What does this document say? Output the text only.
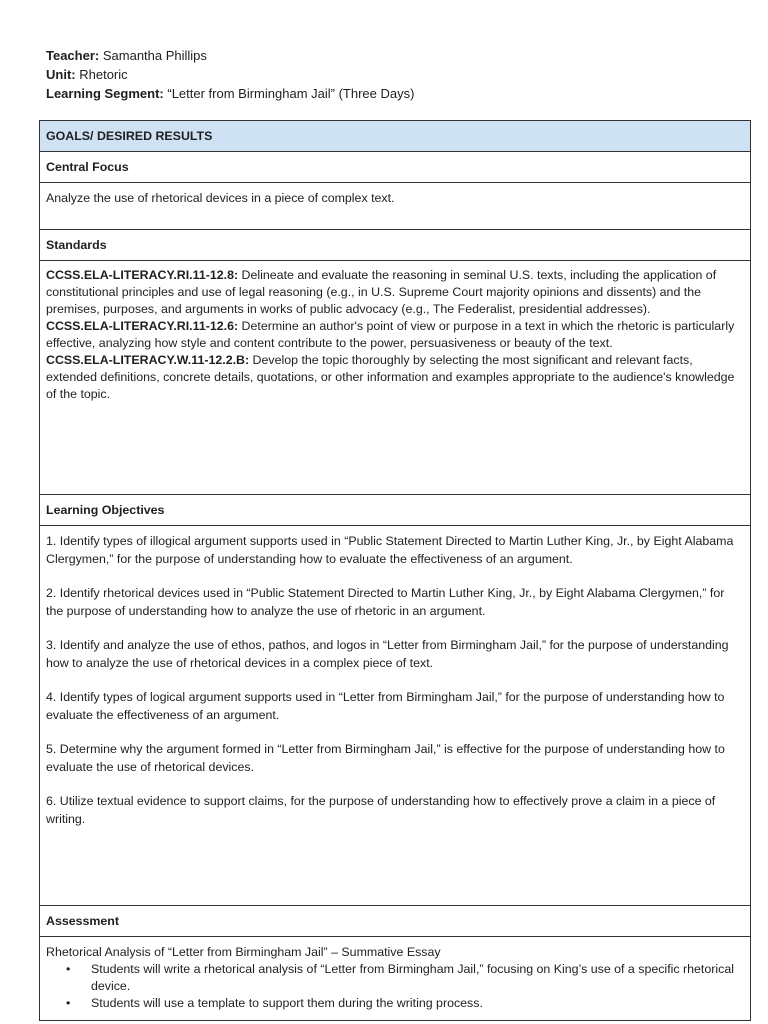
Teacher: Samantha Phillips
Unit: Rhetoric
Learning Segment: “Letter from Birmingham Jail” (Three Days)
GOALS/ DESIRED RESULTS
Central Focus
Analyze the use of rhetorical devices in a piece of complex text.
Standards

CCSS.ELA-LITERACY.RI.11-12.8: Delineate and evaluate the reasoning in seminal U.S. texts, including the application of constitutional principles and use of legal reasoning (e.g., in U.S. Supreme Court majority opinions and dissents) and the premises, purposes, and arguments in works of public advocacy (e.g., The Federalist, presidential addresses).

CCSS.ELA-LITERACY.RI.11-12.6: Determine an author's point of view or purpose in a text in which the rhetoric is particularly effective, analyzing how style and content contribute to the power, persuasiveness or beauty of the text.

CCSS.ELA-LITERACY.W.11-12.2.B: Develop the topic thoroughly by selecting the most significant and relevant facts, extended definitions, concrete details, quotations, or other information and examples appropriate to the audience's knowledge of the topic.

Learning Objectives

1. Identify types of illogical argument supports used in “Public Statement Directed to Martin Luther King, Jr., by Eight Alabama Clergymen,” for the purpose of understanding how to evaluate the effectiveness of an argument.

2. Identify rhetorical devices used in “Public Statement Directed to Martin Luther King, Jr., by Eight Alabama Clergymen,” for the purpose of understanding how to analyze the use of rhetoric in an argument.

3. Identify and analyze the use of ethos, pathos, and logos in “Letter from Birmingham Jail,” for the purpose of understanding how to analyze the use of rhetorical devices in a complex piece of text.

4. Identify types of logical argument supports used in “Letter from Birmingham Jail,” for the purpose of understanding how to evaluate the effectiveness of an argument.

5. Determine why the argument formed in “Letter from Birmingham Jail,” is effective for the purpose of understanding how to evaluate the use of rhetorical devices.

6. Utilize textual evidence to support claims, for the purpose of understanding how to effectively prove a claim in a piece of writing.

Assessment
Rhetorical Analysis of “Letter from Birmingham Jail” – Summative Essay
• Students will write a rhetorical analysis of “Letter from Birmingham Jail,” focusing on King’s use of a specific rhetorical device.
• Students will use a template to support them during the writing process.
